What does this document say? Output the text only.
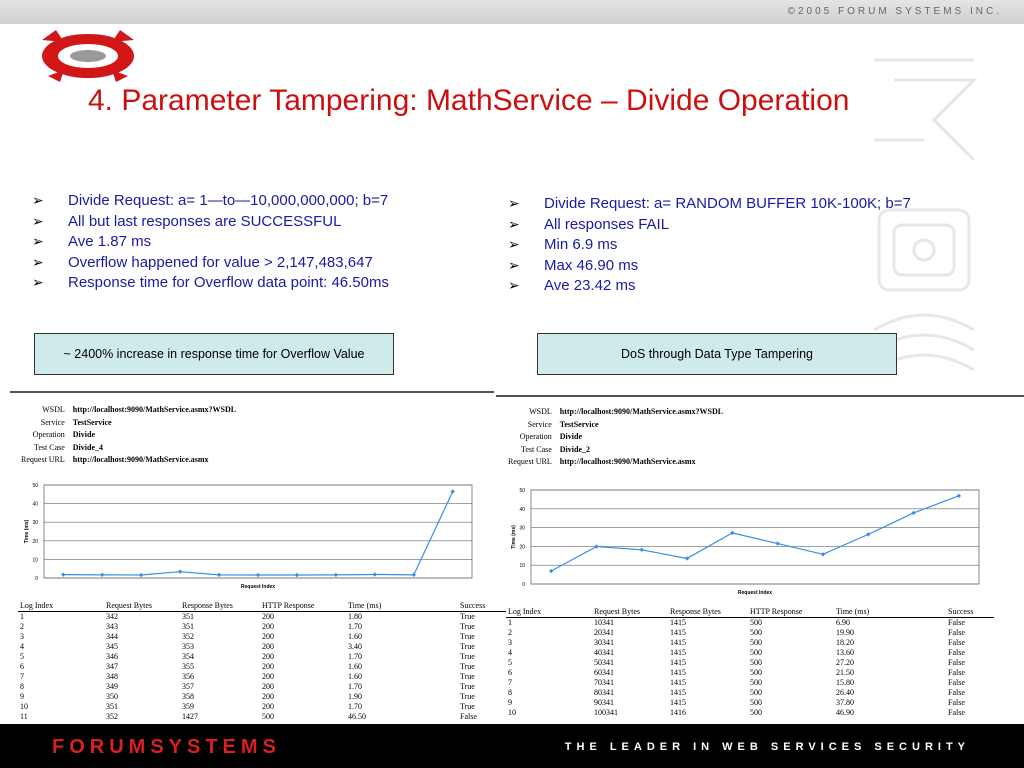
©2005 FORUM SYSTEMS INC.
4. Parameter Tampering: MathService – Divide Operation
➢ Divide Request: a= 1—to—10,000,000,000; b=7
➢ All but last responses are SUCCESSFUL
➢ Ave 1.87 ms
➢ Overflow happened for value > 2,147,483,647
➢ Response time for Overflow data point: 46.50ms
➢ Divide Request: a= RANDOM BUFFER 10K-100K; b=7
➢ All responses FAIL
➢ Min 6.9 ms
➢ Max 46.90 ms
➢ Ave 23.42 ms
~ 2400% increase in response time for Overflow Value	DoS through Data Type Tampering
WSDL	http://localhost:9090/MathService.asmx?WSDL
Service	TestService
Operation	Divide
Test Case	Divide_4
Request URL	http://localhost:9090/MathService.asmx
WSDL	http://localhost:9090/MathService.asmx?WSDL
Service	TestService
Operation	Divide
Test Case	Divide_2
Request URL	http://localhost:9090/MathService.asmx
0
10
20
30
40
50
Time (ms)
Request Index	0
10
20
30
40
50
Time (ms)
Request Index
Log Index	Request Bytes	Response Bytes	HTTP Response	Time (ms)	Success
1	342	351	200	1.80	True
2	343	351	200	1.70	True
3	344	352	200	1.60	True
4	345	353	200	3.40	True
5	346	354	200	1.70	True
6	347	355	200	1.60	True
7	348	356	200	1.60	True
8	349	357	200	1.70	True
9	350	358	200	1.90	True
10	351	359	200	1.70	True
11	352	1427	500	46.50	False
Log Index	Request Bytes	Response Bytes	HTTP Response	Time (ms)	Success
1	10341	1415	500	6.90	False
2	20341	1415	500	19.90	False
3	30341	1415	500	18.20	False
4	40341	1415	500	13.60	False
5	50341	1415	500	27.20	False
6	60341	1415	500	21.50	False
7	70341	1415	500	15.80	False
8	80341	1415	500	26.40	False
9	90341	1415	500	37.80	False
10	100341	1416	500	46.90	False
FORUMSYSTEMS	THE LEADER IN WEB SERVICES SECURITY
